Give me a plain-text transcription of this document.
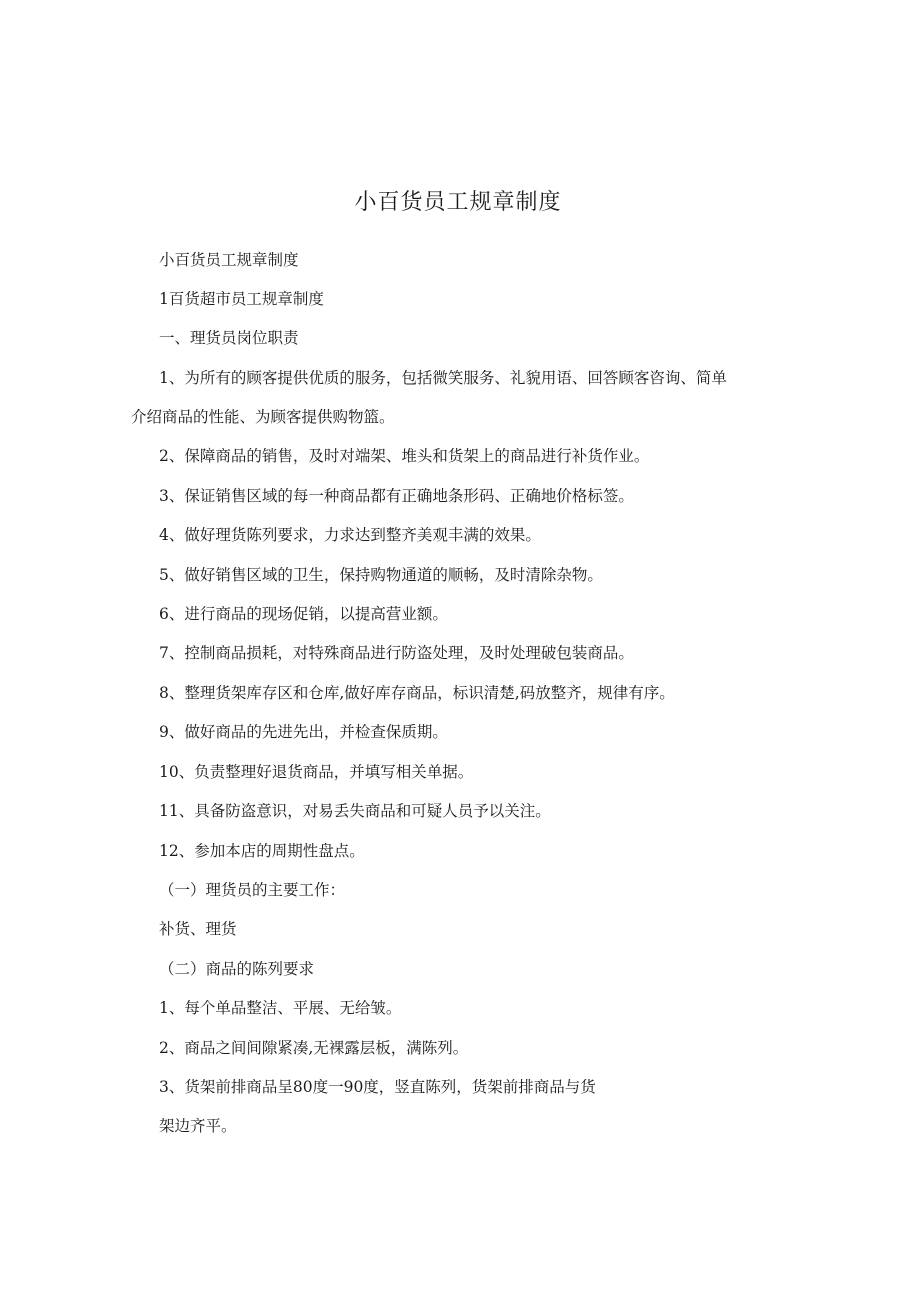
小百货员工规章制度
小百货员工规章制度
1百货超市员工规章制度
一、理货员岗位职责
1、为所有的顾客提供优质的服务，包括微笑服务、礼貌用语、回答顾客咨询、简单
介绍商品的性能、为顾客提供购物篮。
2、保障商品的销售，及时对端架、堆头和货架上的商品进行补货作业。
3、保证销售区域的每一种商品都有正确地条形码、正确地价格标签。
4、做好理货陈列要求，力求达到整齐美观丰满的效果。
5、做好销售区域的卫生，保持购物通道的顺畅，及时清除杂物。
6、进行商品的现场促销，以提高营业额。
7、控制商品损耗，对特殊商品进行防盗处理，及时处理破包装商品。
8、整理货架库存区和仓库,做好库存商品，标识清楚,码放整齐，规律有序。
9、做好商品的先进先出，并检查保质期。
10、负责整理好退货商品，并填写相关单据。
11、具备防盗意识，对易丢失商品和可疑人员予以关注。
12、参加本店的周期性盘点。
（一）理货员的主要工作：
补货、理货
（二）商品的陈列要求
1、每个单品整洁、平展、无给皱。
2、商品之间间隙紧凑,无裸露层板，满陈列。
3、货架前排商品呈80度一90度，竖直陈列，货架前排商品与货
架边齐平。
